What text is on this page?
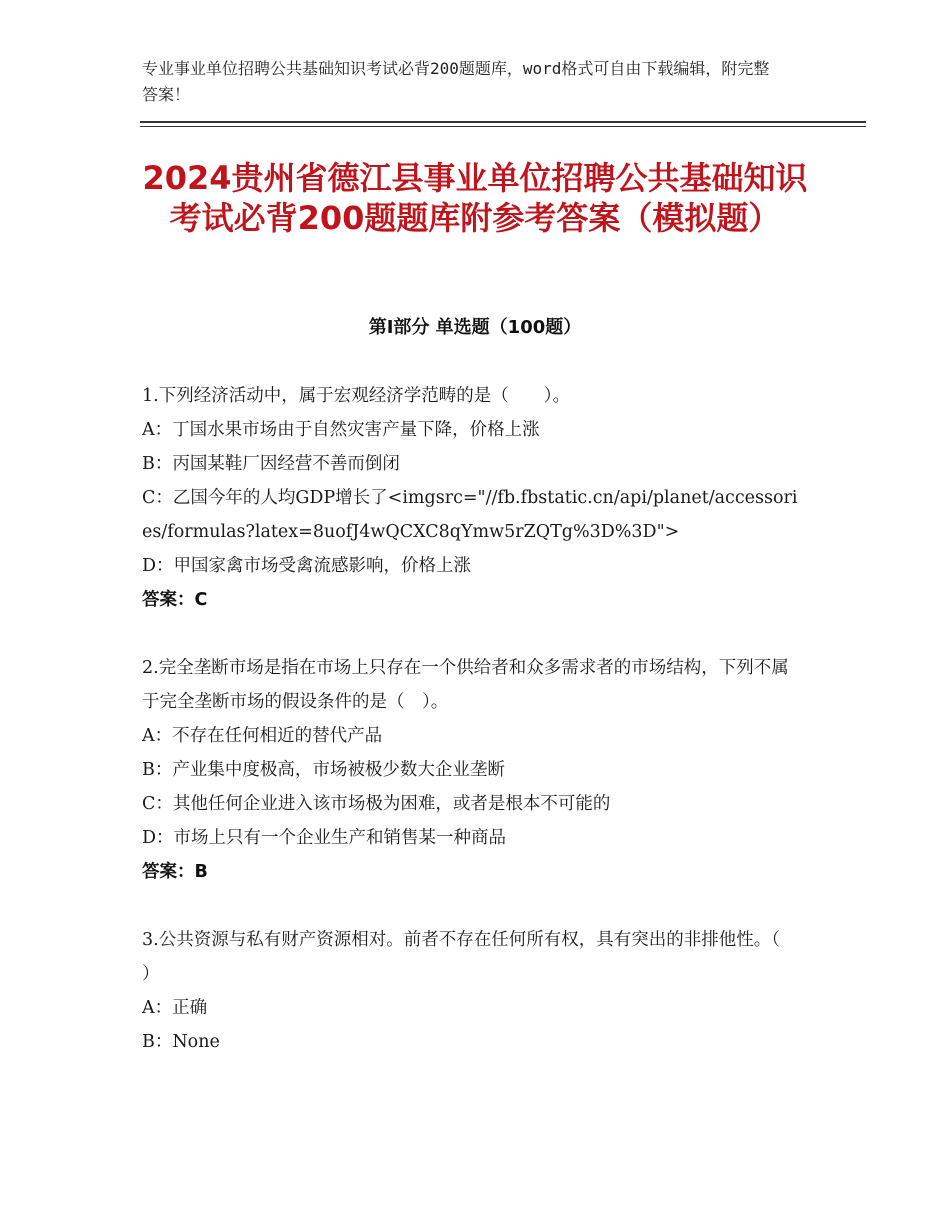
专业事业单位招聘公共基础知识考试必背200题题库，word格式可自由下载编辑，附完整答案！
2024贵州省德江县事业单位招聘公共基础知识考试必背200题题库附参考答案（模拟题）
第Ⅰ部分 单选题（100题）
1.下列经济活动中，属于宏观经济学范畴的是（　　）。
A：丁国水果市场由于自然灾害产量下降，价格上涨
B：丙国某鞋厂因经营不善而倒闭
C：乙国今年的人均GDP增长了<imgsrc="//fb.fbstatic.cn/api/planet/accessories/formulas?latex=8uofJ4wQCXC8qYmw5rZQTg%3D%3D">
D：甲国家禽市场受禽流感影响，价格上涨
答案：C
2.完全垄断市场是指在市场上只存在一个供给者和众多需求者的市场结构，下列不属于完全垄断市场的假设条件的是（　）。
A：不存在任何相近的替代产品
B：产业集中度极高，市场被极少数大企业垄断
C：其他任何企业进入该市场极为困难，或者是根本不可能的
D：市场上只有一个企业生产和销售某一种商品
答案：B
3.公共资源与私有财产资源相对。前者不存在任何所有权，具有突出的非排他性。（　　）
A：正确
B：None
